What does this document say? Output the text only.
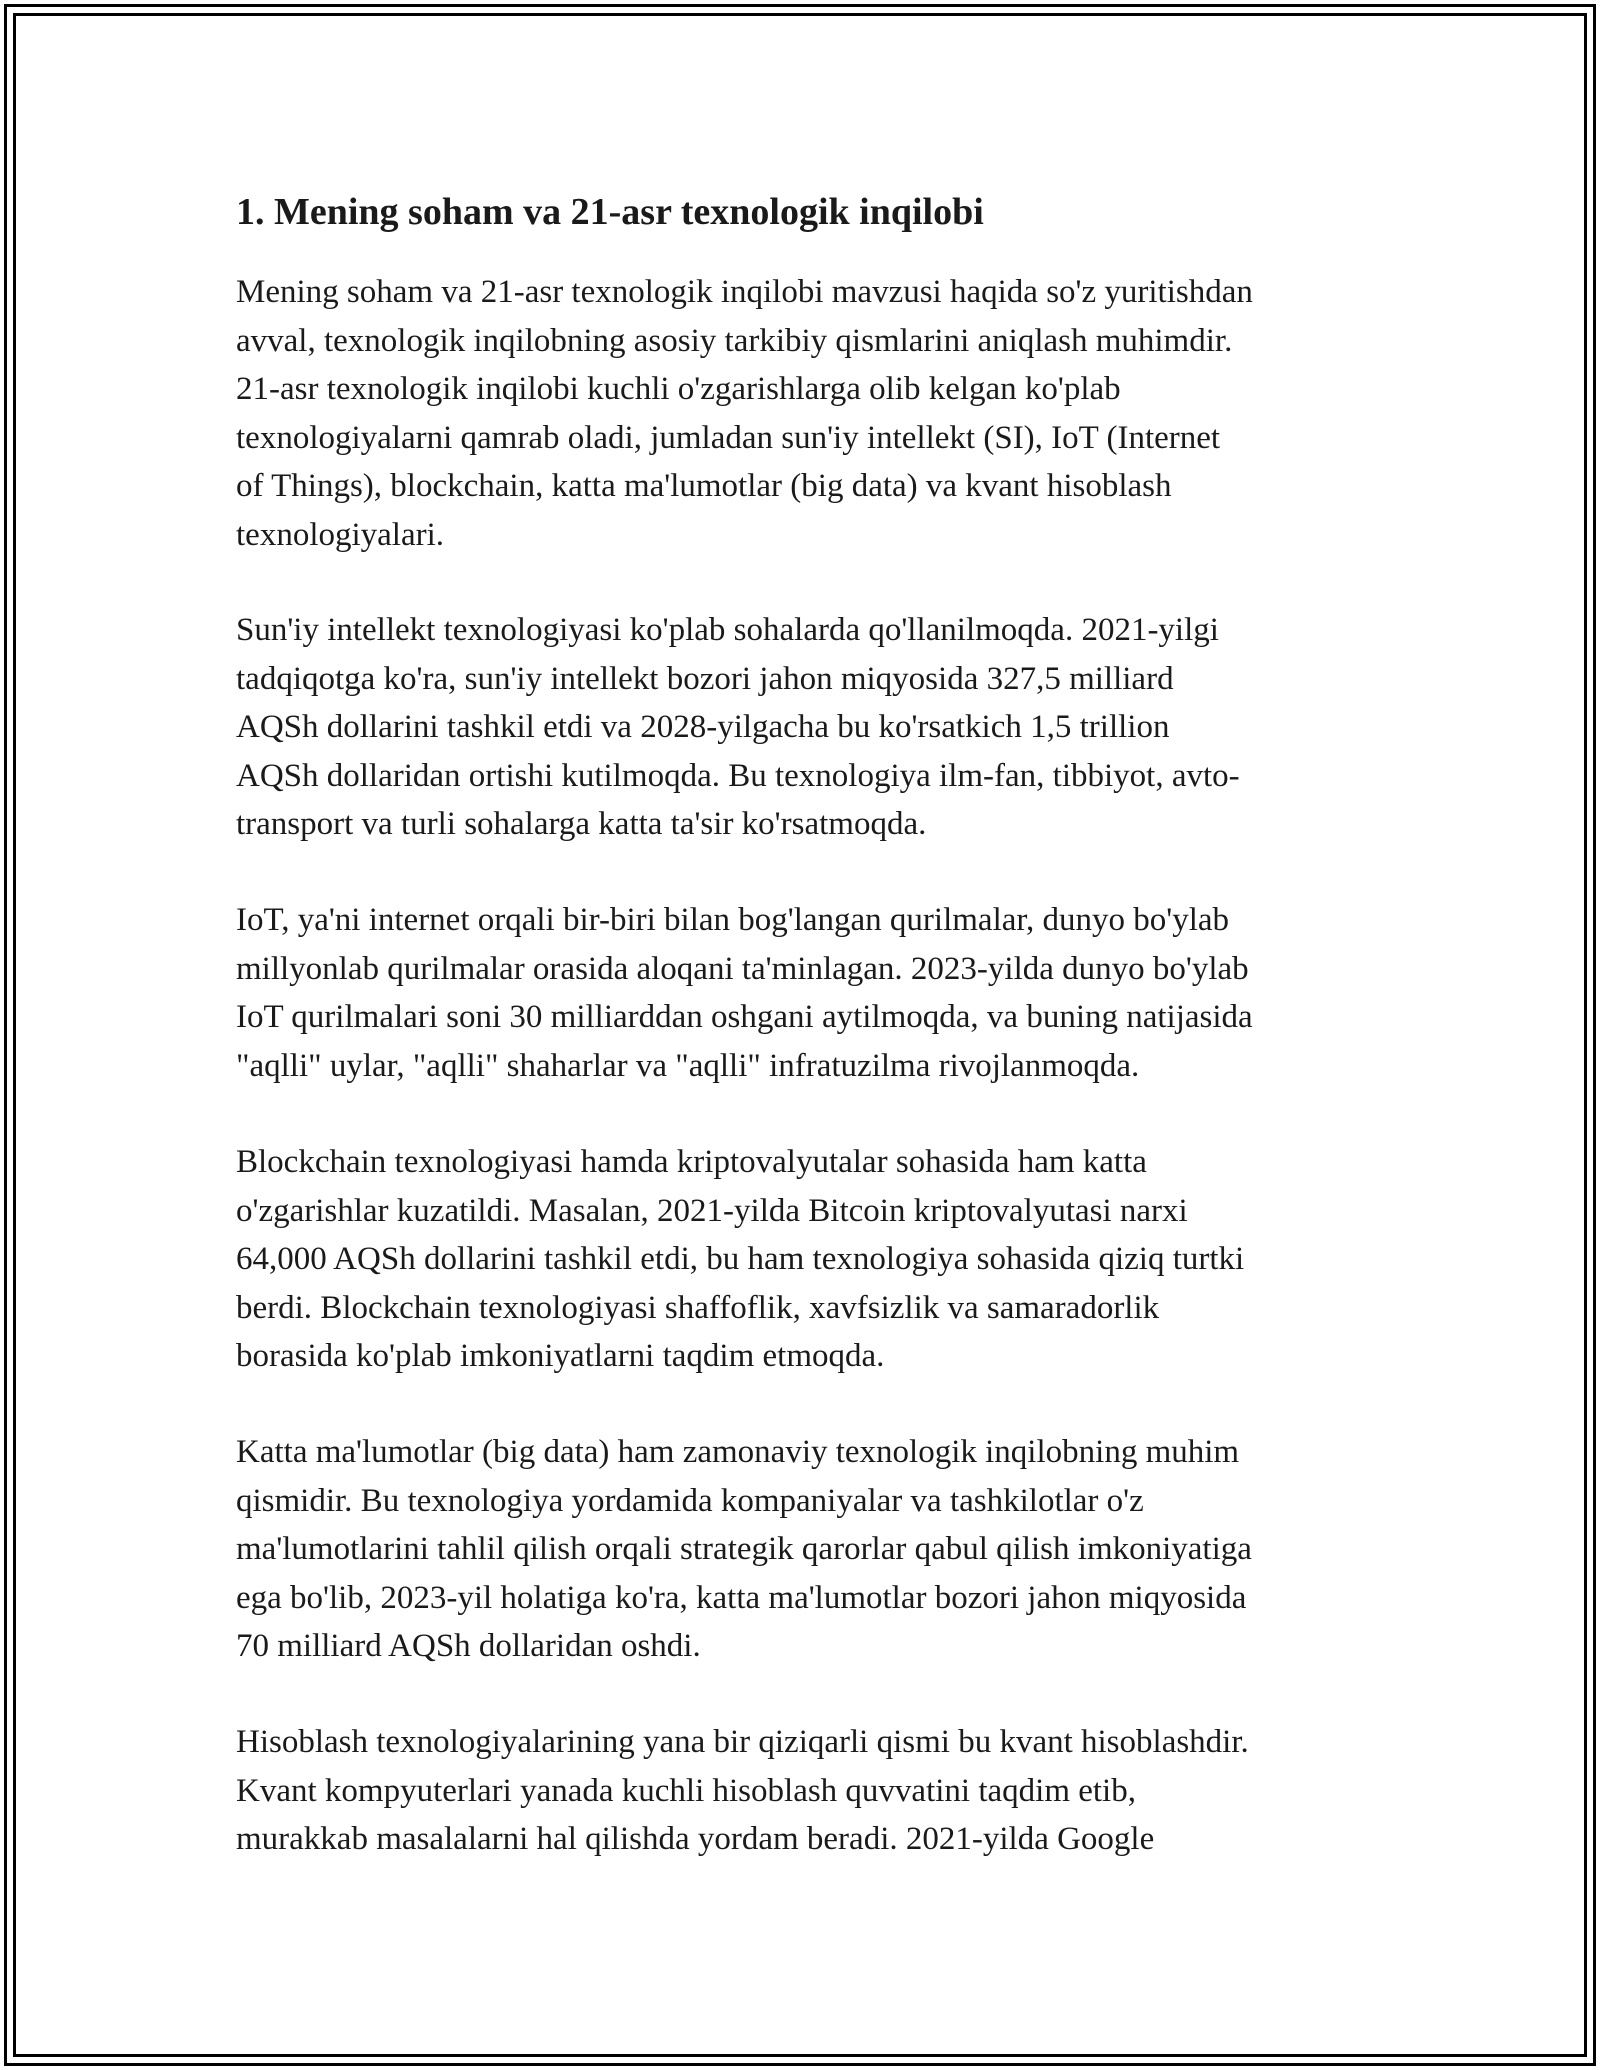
1. Mening soham va 21-asr texnologik inqilobi

Mening soham va 21-asr texnologik inqilobi mavzusi haqida so'z yuritishdan
avval, texnologik inqilobning asosiy tarkibiy qismlarini aniqlash muhimdir.
21-asr texnologik inqilobi kuchli o'zgarishlarga olib kelgan ko'plab
texnologiyalarni qamrab oladi, jumladan sun'iy intellekt (SI), IoT (Internet
of Things), blockchain, katta ma'lumotlar (big data) va kvant hisoblash
texnologiyalari.

Sun'iy intellekt texnologiyasi ko'plab sohalarda qo'llanilmoqda. 2021-yilgi
tadqiqotga ko'ra, sun'iy intellekt bozori jahon miqyosida 327,5 milliard
AQSh dollarini tashkil etdi va 2028-yilgacha bu ko'rsatkich 1,5 trillion
AQSh dollaridan ortishi kutilmoqda. Bu texnologiya ilm-fan, tibbiyot, avto-
transport va turli sohalarga katta ta'sir ko'rsatmoqda.

IoT, ya'ni internet orqali bir-biri bilan bog'langan qurilmalar, dunyo bo'ylab
millyonlab qurilmalar orasida aloqani ta'minlagan. 2023-yilda dunyo bo'ylab
IoT qurilmalari soni 30 milliarddan oshgani aytilmoqda, va buning natijasida
"aqlli" uylar, "aqlli" shaharlar va "aqlli" infratuzilma rivojlanmoqda.

Blockchain texnologiyasi hamda kriptovalyutalar sohasida ham katta
o'zgarishlar kuzatildi. Masalan, 2021-yilda Bitcoin kriptovalyutasi narxi
64,000 AQSh dollarini tashkil etdi, bu ham texnologiya sohasida qiziq turtki
berdi. Blockchain texnologiyasi shaffoflik, xavfsizlik va samaradorlik
borasida ko'plab imkoniyatlarni taqdim etmoqda.

Katta ma'lumotlar (big data) ham zamonaviy texnologik inqilobning muhim
qismidir. Bu texnologiya yordamida kompaniyalar va tashkilotlar o'z
ma'lumotlarini tahlil qilish orqali strategik qarorlar qabul qilish imkoniyatiga
ega bo'lib, 2023-yil holatiga ko'ra, katta ma'lumotlar bozori jahon miqyosida
70 milliard AQSh dollaridan oshdi.

Hisoblash texnologiyalarining yana bir qiziqarli qismi bu kvant hisoblashdir.
Kvant kompyuterlari yanada kuchli hisoblash quvvatini taqdim etib,
murakkab masalalarni hal qilishda yordam beradi. 2021-yilda Google
